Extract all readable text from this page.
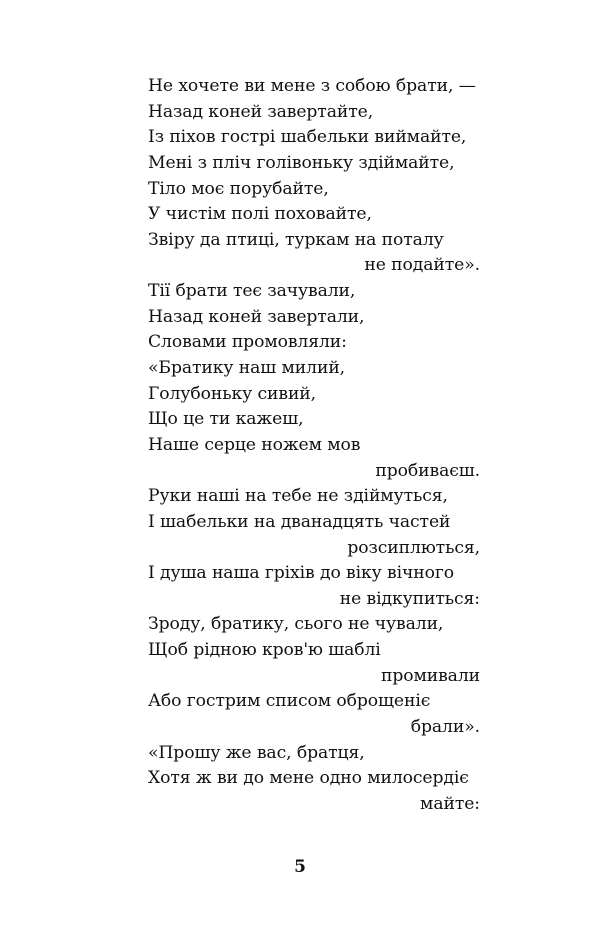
Не хочете ви мене з собою брати, —
Назад коней завертайте,
Із піхов гострі шабельки виймайте,
Мені з пліч голівоньку здіймайте,
Тіло моє порубайте,
У чистім полі поховайте,
Звіру да птиці, туркам на поталу
не подайте».
Тії брати теє зачували,
Назад коней завертали,
Словами промовляли:
«Братику наш милий,
Голубоньку сивий,
Що це ти кажеш,
Наше серце ножем мов
пробиваєш.
Руки наші на тебе не здіймуться,
І шабельки на дванадцять частей
розсиплються,
І душа наша гріхів до віку вічного
не відкупиться:
Зроду, братику, сього не чували,
Щоб рідною кров'ю шаблі
промивали
Або гострим списом оброщеніє
брали».
«Прошу же вас, братця,
Хотя ж ви до мене одно милосердіє
майте:
5
